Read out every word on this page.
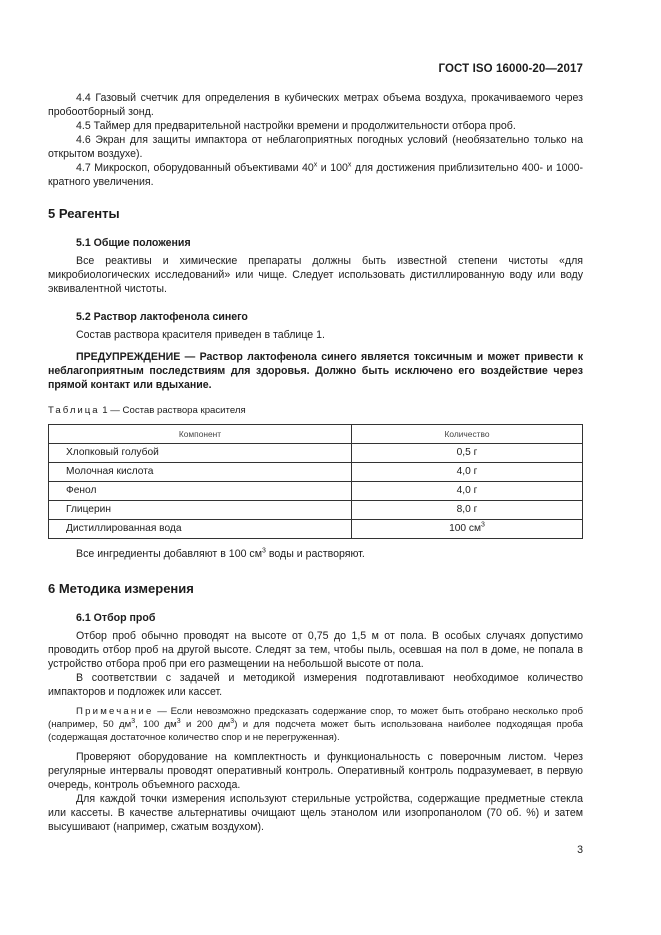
ГОСТ ISO 16000-20—2017

4.4 Газовый счетчик для определения в кубических метрах объема воздуха, прокачиваемого через пробоотборный зонд.

4.5 Таймер для предварительной настройки времени и продолжительности отбора проб.

4.6 Экран для защиты импактора от неблагоприятных погодных условий (необязательно только на открытом воздухе).

4.7 Микроскоп, оборудованный объективами $40^х$ и $100^х$ для достижения приблизительно 400- и 1000-кратного увеличения.

5 Реагенты
5.1 Общие положения

Все реактивы и химические препараты должны быть известной степени чистоты «для микробиологических исследований» или чище. Следует использовать дистиллированную воду или воду эквивалентной чистоты.

5.2 Раствор лактофенола синего

Состав раствора красителя приведен в таблице 1.

ПРЕДУПРЕЖДЕНИЕ — Раствор лактофенола синего является токсичным и может привести к неблагоприятным последствиям для здоровья. Должно быть исключено его воздействие через прямой контакт или вдыхание.

Таблица 1 — Состав раствора красителя
Компонент	Количество
Хлопковый голубой	0,5 г
Молочная кислота	4,0 г
Фенол	4,0 г
Глицерин	8,0 г
Дистиллированная вода	100 $см^3$

Все ингредиенты добавляют в 100 $см^3$ воды и растворяют.

6 Методика измерения
6.1 Отбор проб

Отбор проб обычно проводят на высоте от 0,75 до 1,5 м от пола. В особых случаях допустимо проводить отбор проб на другой высоте. Следят за тем, чтобы пыль, осевшая на пол в доме, не попала в устройство отбора проб при его размещении на небольшой высоте от пола.

В соответствии с задачей и методикой измерения подготавливают необходимое количество импакторов и подложек или кассет.

Примечание — Если невозможно предсказать содержание спор, то может быть отобрано несколько проб (например, 50 $дм^3$, 100 $дм^3$ и 200 $дм^3$) и для подсчета может быть использована наиболее подходящая проба (содержащая достаточное количество спор и не перегруженная).

Проверяют оборудование на комплектность и функциональность с поверочным листом. Через регулярные интервалы проводят оперативный контроль. Оперативный контроль подразумевает, в первую очередь, контроль объемного расхода.

Для каждой точки измерения используют стерильные устройства, содержащие предметные стекла или кассеты. В качестве альтернативы очищают щель этанолом или изопропанолом (70 об. %) и затем высушивают (например, сжатым воздухом).

3
